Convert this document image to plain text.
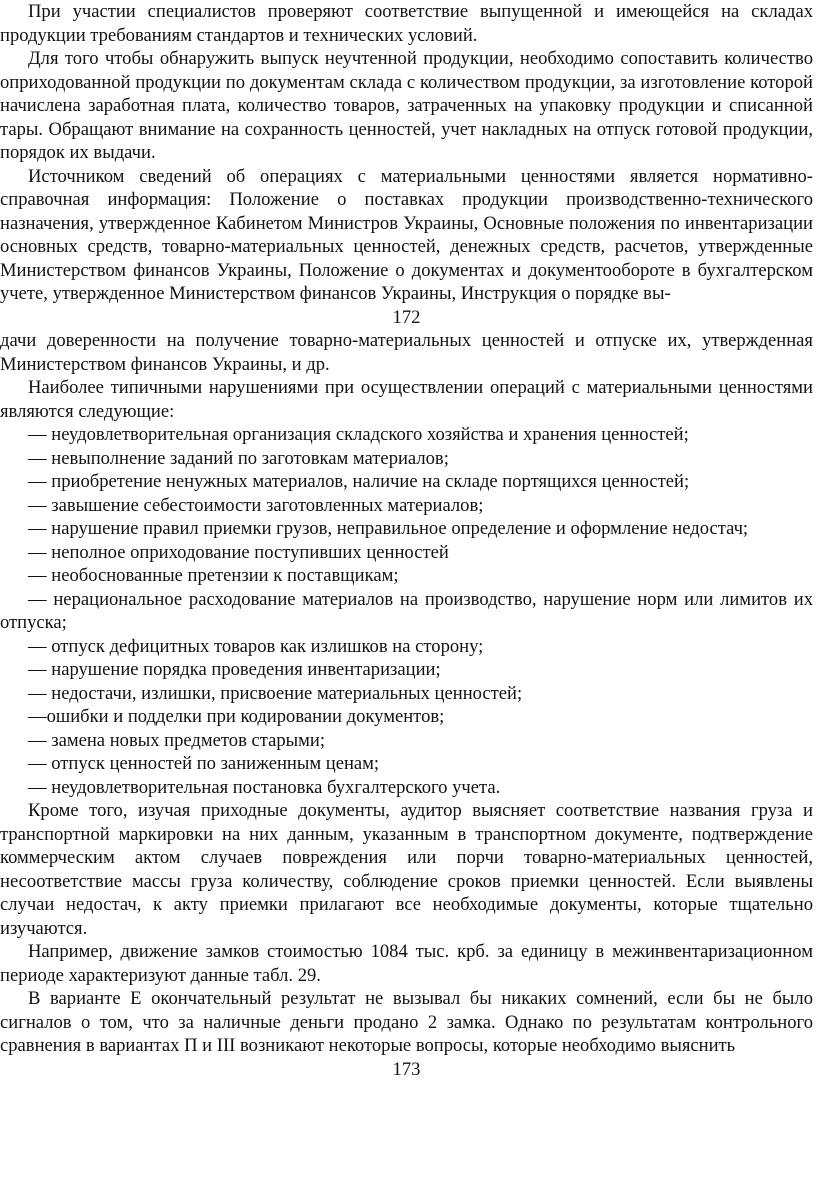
При участии специалистов проверяют соответствие выпущенной и имеющейся на складах продукции требованиям стандартов и технических условий.

Для того чтобы обнаружить выпуск неучтенной продукции, необходимо сопоставить количество оприходованной продукции по документам склада с количеством продукции, за изготовление которой начислена заработная плата, количество товаров, затраченных на упаковку продукции и списанной тары. Обращают внимание на сохранность ценностей, учет накладных на отпуск готовой продукции, порядок их выдачи.

Источником сведений об операциях с материальными ценностями является нормативно-справочная информация: Положение о поставках продукции производственно-технического назначения, утвержденное Кабинетом Министров Украины, Основные положения по инвентаризации основных средств, товарно-материальных ценностей, денежных средств, расчетов, утвержденные Министерством финансов Украины, Положение о документах и документообороте в бухгалтерском учете, утвержденное Министерством финансов Украины, Инструкция о порядке вы-

172

дачи доверенности на получение товарно-материальных ценностей и отпуске их, утвержденная Министерством финансов Украины, и др.

Наиболее типичными нарушениями при осуществлении операций с материальными ценностями являются следующие:

— неудовлетворительная организация складского хозяйства и хранения ценностей;

— невыполнение заданий по заготовкам материалов;

— приобретение ненужных материалов, наличие на складе портящихся ценностей;

— завышение себестоимости заготовленных материалов;

— нарушение правил приемки грузов, неправильное определение и оформление недостач;

— неполное оприходование поступивших ценностей

— необоснованные претензии к поставщикам;

— нерациональное расходование материалов на производство, нарушение норм или лимитов их отпуска;

— отпуск дефицитных товаров как излишков на сторону;

— нарушение порядка проведения инвентаризации;

— недостачи, излишки, присвоение материальных ценностей;

—ошибки и подделки при кодировании документов;

— замена новых предметов старыми;

— отпуск ценностей по заниженным ценам;

— неудовлетворительная постановка бухгалтерского учета.

Кроме того, изучая приходные документы, аудитор выясняет соответствие названия груза и транспортной маркировки на них данным, указанным в транспортном документе, подтверждение коммерческим актом случаев повреждения или порчи товарно-материальных ценностей, несоответствие массы груза количеству, соблюдение сроков приемки ценностей. Если выявлены случаи недостач, к акту приемки прилагают все необходимые документы, которые тщательно изучаются.

Например, движение замков стоимостью 1084 тыс. крб. за единицу в межинвентаризационном периоде характеризуют данные табл. 29.

В варианте Е окончательный результат не вызывал бы никаких сомнений, если бы не было сигналов о том, что за наличные деньги продано 2 замка. Однако по результатам контрольного сравнения в вариантах П и III возникают некоторые вопросы, которые необходимо выяснить

173
